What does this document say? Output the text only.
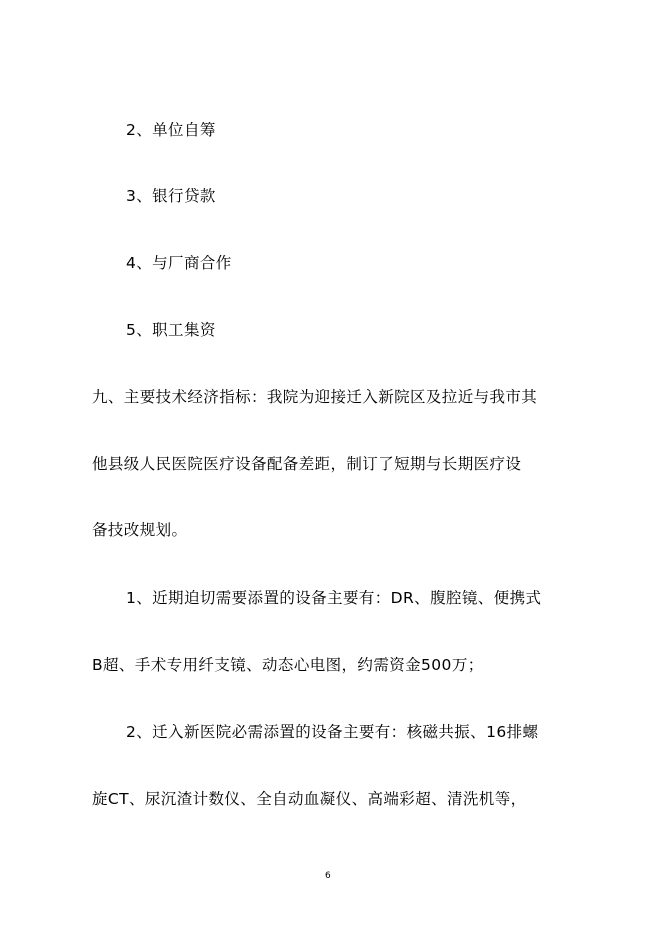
2、单位自筹
3、银行贷款
4、与厂商合作
5、职工集资
九、主要技术经济指标：我院为迎接迁入新院区及拉近与我市其
他县级人民医院医疗设备配备差距，制订了短期与长期医疗设
备技改规划。
1、近期迫切需要添置的设备主要有：DR、腹腔镜、便携式
B超、手术专用纤支镜、动态心电图，约需资金500万；
2、迁入新医院必需添置的设备主要有：核磁共振、16排螺
旋CT、尿沉渣计数仪、全自动血凝仪、高端彩超、清洗机等，
6
